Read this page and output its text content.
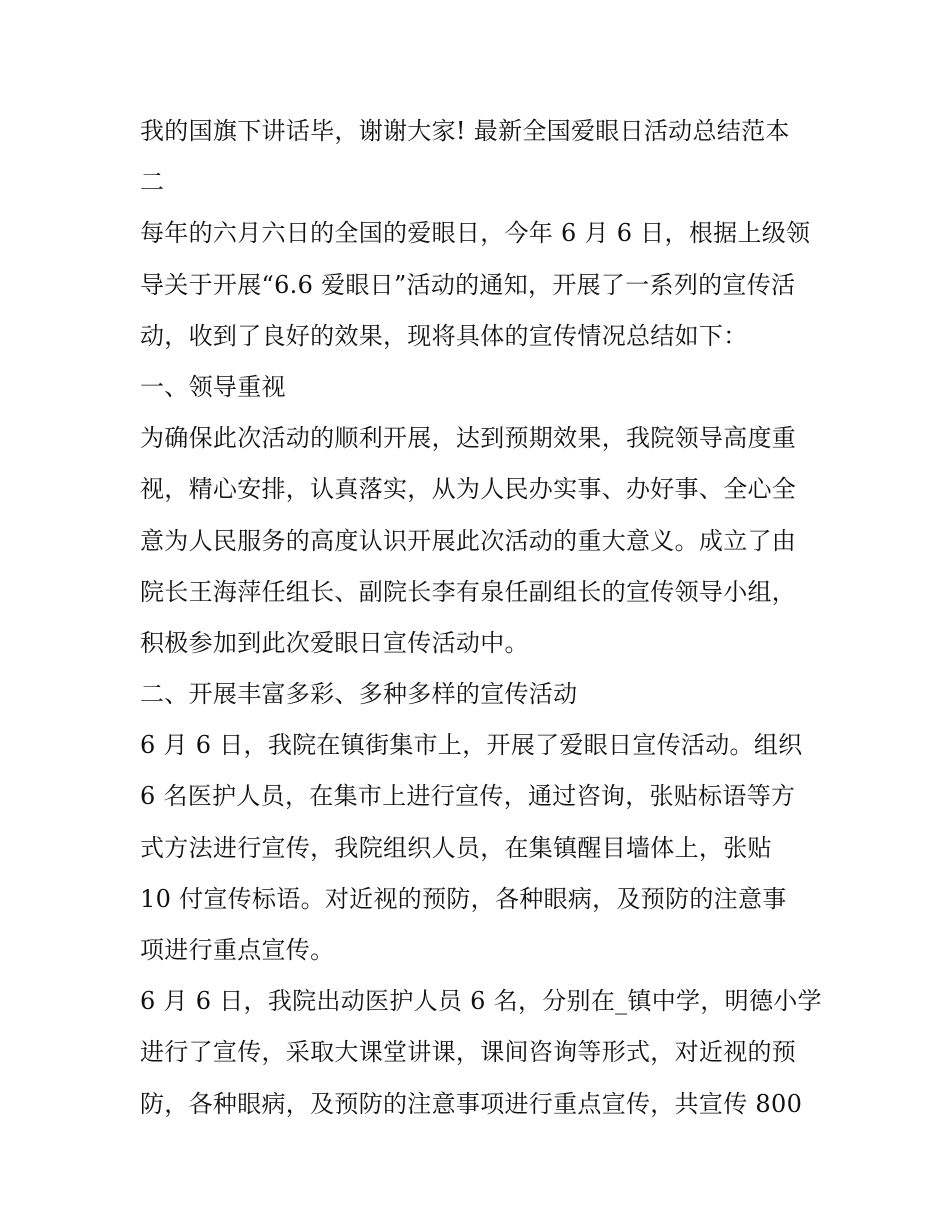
我的国旗下讲话毕，谢谢大家! 最新全国爱眼日活动总结范本
二
每年的六月六日的全国的爱眼日，今年 6 月 6 日，根据上级领
导关于开展“6.6 爱眼日”活动的通知，开展了一系列的宣传活
动，收到了良好的效果，现将具体的宣传情况总结如下：
一、领导重视
为确保此次活动的顺利开展，达到预期效果，我院领导高度重
视，精心安排，认真落实，从为人民办实事、办好事、全心全
意为人民服务的高度认识开展此次活动的重大意义。成立了由
院长王海萍任组长、副院长李有泉任副组长的宣传领导小组，
积极参加到此次爱眼日宣传活动中。
二、开展丰富多彩、多种多样的宣传活动
6 月 6 日，我院在镇街集市上，开展了爱眼日宣传活动。组织
6 名医护人员，在集市上进行宣传，通过咨询，张贴标语等方
式方法进行宣传，我院组织人员，在集镇醒目墙体上，张贴
10 付宣传标语。对近视的预防，各种眼病，及预防的注意事
项进行重点宣传。
6 月 6 日，我院出动医护人员 6 名，分别在_镇中学，明德小学
进行了宣传，采取大课堂讲课，课间咨询等形式，对近视的预
防，各种眼病，及预防的注意事项进行重点宣传，共宣传 800
